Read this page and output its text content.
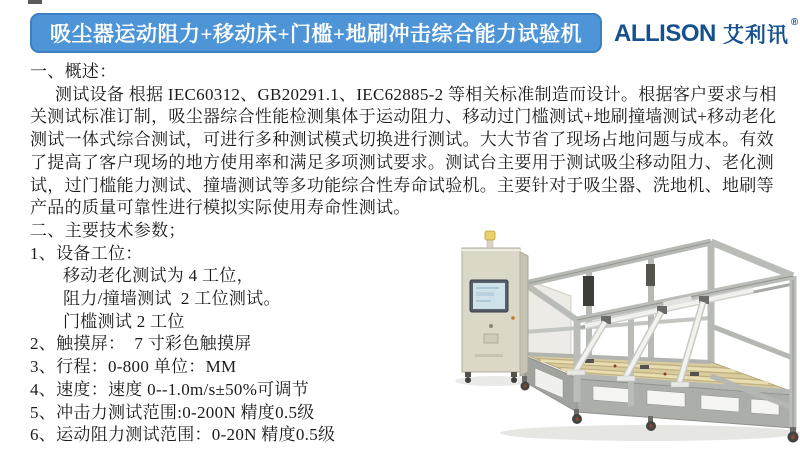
吸尘器运动阻力+移动床+门槛+地刷冲击综合能力试验机 ALLISON 艾利讯
®
一、概述：
测试设备 根据 IEC60312、GB20291.1、IEC62885-2 等相关标准制造而设计。根据客户要求与相
关测试标准订制，吸尘器综合性能检测集体于运动阻力、移动过门槛测试+地刷撞墙测试+移动老化
测试一体式综合测试，可进行多种测试模式切换进行测试。大大节省了现场占地问题与成本。有效
了提高了客户现场的地方使用率和满足多项测试要求。测试台主要用于测试吸尘移动阻力、老化测
试，过门槛能力测试、撞墙测试等多功能综合性寿命试验机。主要针对于吸尘器、洗地机、地刷等
产品的质量可靠性进行模拟实际使用寿命性测试。
二、主要技术参数；
1、设备工位：
移动老化测试为 4 工位，
阻力/撞墙测试  2 工位测试。
门槛测试 2 工位
2、触摸屏：  7 寸彩色触摸屏
3、行程：0-800 单位：MM
4、速度：速度 0--1.0m/s±50%可调节
5、冲击力测试范围:0-200N 精度0.5级
6、运动阻力测试范围：0-20N 精度0.5级
